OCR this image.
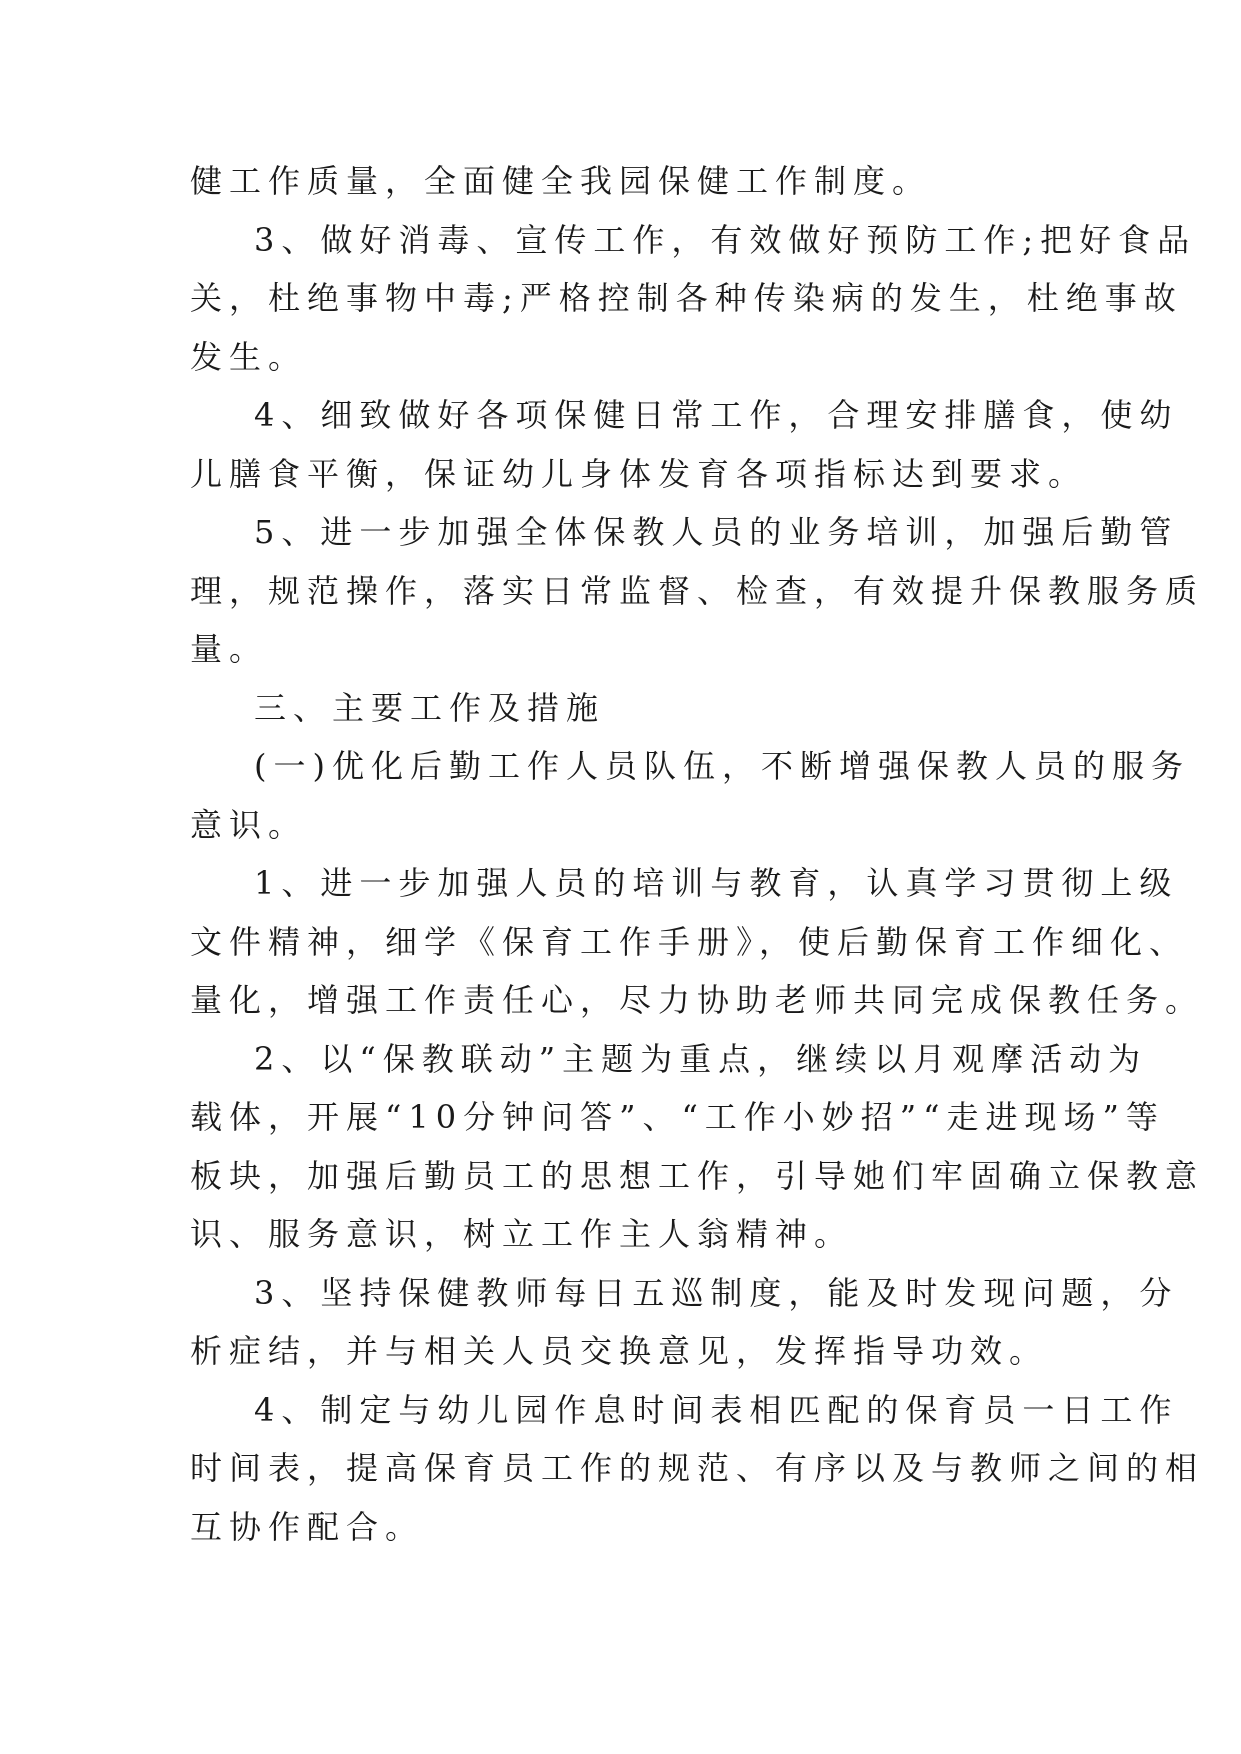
健工作质量，全面健全我园保健工作制度。

3、做好消毒、宣传工作，有效做好预防工作;把好食品
关，杜绝事物中毒;严格控制各种传染病的发生，杜绝事故
发生。

4、细致做好各项保健日常工作，合理安排膳食，使幼
儿膳食平衡，保证幼儿身体发育各项指标达到要求。

5、进一步加强全体保教人员的业务培训，加强后勤管
理，规范操作，落实日常监督、检查，有效提升保教服务质
量。

三、主要工作及措施

(一)优化后勤工作人员队伍，不断增强保教人员的服务
意识。

1、进一步加强人员的培训与教育，认真学习贯彻上级
文件精神，细学《保育工作手册》，使后勤保育工作细化、
量化，增强工作责任心，尽力协助老师共同完成保教任务。

2、以“保教联动”主题为重点，继续以月观摩活动为
载体，开展“10分钟问答”、“工作小妙招”“走进现场”等
板块，加强后勤员工的思想工作，引导她们牢固确立保教意
识、服务意识，树立工作主人翁精神。

3、坚持保健教师每日五巡制度，能及时发现问题，分
析症结，并与相关人员交换意见，发挥指导功效。

4、制定与幼儿园作息时间表相匹配的保育员一日工作
时间表，提高保育员工作的规范、有序以及与教师之间的相
互协作配合。
